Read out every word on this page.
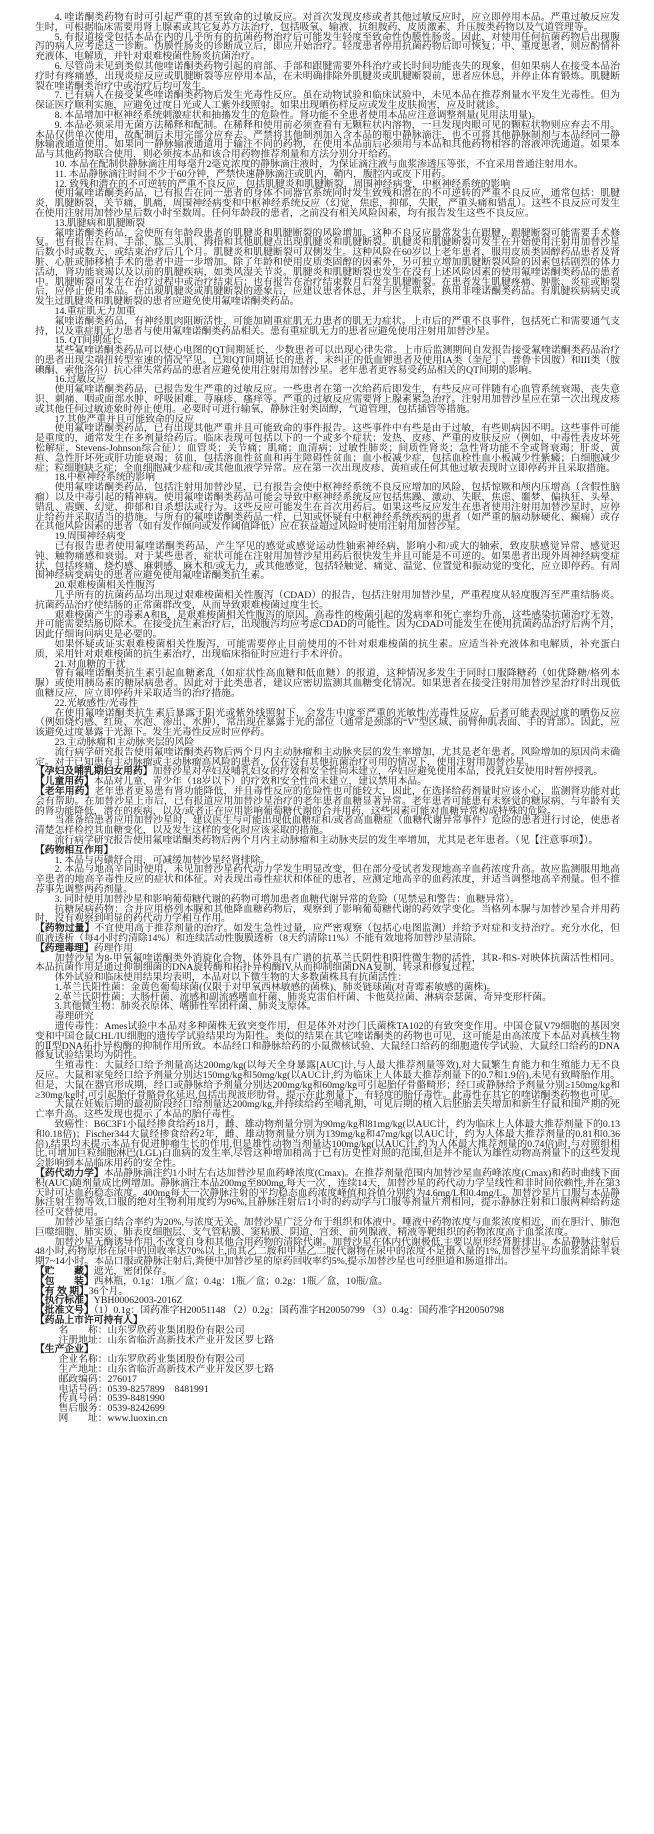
4. 喹诺酮类药物有时可引起严重的甚至致命的过敏反应。对首次发现皮疹或者其他过敏反应时，应立即停用本品。严重过敏反应发生时，可根据临床需要用肾上腺素或其它复苏方法治疗，包括吸氧、输液、抗组胺药、皮质激素、升压胺类药物以及气道管理等。

5. 有报道接受包括本品在内的几乎所有的抗菌药物治疗后可能发生轻度至致命性伪膜性肠炎。因此，对使用任何抗菌药物后出现腹泻的病人应考虑这一诊断。伪膜性肠炎的诊断成立后，即应开始治疗。轻度患者停用抗菌药物后即可恢复；中、重度患者，则应酌情补充液体、电解质，并针对艰难梭菌性肠炎抗菌治疗。

6. 尽管尚未见到类似其他喹诺酮类药物引起的肩部、手部和跟腱需要外科治疗或长时间功能丧失的现象，但如果病人在接受本品治疗时有疼痛感，出现炎症反应或肌腱断裂等应停用本品，在未明确排除外肌腱炎或肌腱断裂前，患者应休息，并停止体育锻炼。肌腱断裂在喹诺酮类治疗中或治疗后均可发生。

7. 已有病人在接受某些喹诺酮类药物后发生光毒性反应。虽在动物试验和临床试验中，未见本品在推荐剂量水平发生光毒性。但为保证医疗顺利实施，应避免过度日光或人工紫外线照射。如果出现晒伤样反应或发生皮肤损害，应及时就诊。

8. 本品增加中枢神经系统刺激症状和抽搐发生的危险性。肾功能不全患者使用本品应注意调整剂量(见用法用量)。

9. 本品必须采用无菌方法稀释和配制。在稀释和使用前必须查看有无颗粒状内溶物，一旦发现肉眼可见的颗粒状物则应弃去不用。本品仅供单次使用，故配制后未用完部分应弃去。严禁将其他制剂加入含本品的瓶中静脉滴注，也不可将其他静脉制剂与本品经同一静脉输液通道使用。如果同一静脉输液通道用于输注不同的药物，在使用本品前后必须用与本品和其他药物相容的溶液冲洗通道。如果本品与其他药物联合使用，则必须按本品和该合用药物推荐剂量和方法分别分开给药。

10. 本品在配制供静脉滴注用每毫升2毫克浓度的静脉滴注液时，为保证滴注液与血浆渗透压等张，不宜采用普通注射用水。

11. 本品静脉滴注时间不少于60分钟，严禁快速静脉滴注或肌内，鞘内，腹腔内或皮下用药。

12. 致残和潜在的不可逆转的严重不良反应，包括肌腱炎和肌腱断裂，周围神经病变，中枢神经系统的影响

使用氟喹诺酮类药品，已有报告在同一患者的身体不同器官系统同时发生致残和潜在的不可逆转的严重不良反应，通常包括：肌腱炎，肌腱断裂，关节痛，肌痛，周围神经病变和中枢神经系统反应（幻觉，焦虑，抑郁，失眠，严重头痛和错乱）。这些不良反应可发生在使用注射用加替沙星后数小时至数周。任何年龄段的患者，之前没有相关风险因素，均有报告发生这些不良反应。

13.肌腱病和肌腱断裂

氟喹诺酮类药品，会使所有年龄段患者的肌腱炎和肌腱断裂的风险增加。这种不良反应最常发生在跟腱，跟腱断裂可能需要手术修复。也有报告在肩、手部、肱二头肌、拇指和其他肌腱点出现肌腱炎和肌腱断裂。肌腱炎和肌腱断裂可发生在开始使用注射用加替沙星后数小时或数天，或结束治疗后几个月。肌腱炎和肌腱断裂可双侧发生。这种风险在60岁以上老年患者，服用皮质类固醇药品患者及肾脏、心脏或肺移植手术的患者中进一步增加。除了年龄和使用皮质类固醇的因素外，另可独立增加肌腱断裂风险的因素包括剧烈的体力活动，肾功能衰竭以及以前的肌腱疾病，如类风湿关节炎。肌腱炎和肌腱断裂也发生在没有上述风险因素的使用氟喹诺酮类药品的患者中。肌腱断裂可发生在治疗过程中或治疗结束后；也有报告在治疗结束数月后发生肌腱断裂。在患者发生肌腱疼痛、肿胀、炎症或断裂后，应停止使用本品。在出现肌腱炎或肌腱断裂的迹象后，应建议患者休息，并与医生联系，换用非喹诺酮类药品。有肌腱疾病病史或发生过肌腱炎和肌腱断裂的患者应避免使用氟喹诺酮类药品。

14.重症肌无力加重

氟喹诺酮类药品，有神经肌肉阻断活性，可能加剧重症肌无力患者的肌无力症状。上市后的严重不良事件，包括死亡和需要通气支持，以及重症肌无力患者与使用氟喹诺酮类药品相关。患有重症肌无力的患者应避免使用注射用加替沙星。

15. QT间期延长

某些氟喹诺酮类药品可以使心电图的QT间期延长，少数患者可以出现心律失常。上市后监测期间自发报告接受氟喹诺酮类药品治疗的患者出现尖端扭转型室速的情况罕见。已知QT间期延长的患者、未纠正的低血钾患者及使用IA类（奎尼丁、普鲁卡因胺）和III类（胺碘酮、索他洛尔）抗心律失常药品的患者应避免使用注射用加替沙星。老年患者更容易受药品相关的QT间期的影响。

16.过敏反应

使用氟喹诺酮类药品，已报告发生严重的过敏反应。一些患者在第一次给药后即发生，有些反应可伴随有心血管系统衰竭、丧失意识、刺痛、咽或面部水肿、呼吸困难、荨麻疹、瘙痒等。严重的过敏反应需要肾上腺素紧急治疗。注射用加替沙星应在第一次出现皮疹或其他任何过敏迹象时停止使用。必要时可进行输氧，静脉注射类固醇，气道管理，包括插管等措施。

17.其他严重并且可能致命的反应

使用氟喹诺酮类药品，已有出现其他严重并且可能致命的事件报告。这些事件中有些是由于过敏，有些则病因不明。这些事件可能是重度的，通常发生在多剂量给药后。临床表现可包括以下的一个或多个症状：发热、皮疹、严重的皮肤反应（例如，中毒性表皮坏死松解症，Stevens-Johnson综合征）；血管炎；关节痛；肌痛；血清病；过敏性肺炎；间质性肾炎；急性肾功能不全或肾衰竭；肝炎、黄疸、急性肝坏死或肝功能衰竭；贫血，包括溶血性贫血和再生障碍性贫血；血小板减少症，包括血栓性血小板减少性紫癜；白细胞减少症；粒细胞缺乏症；全血细胞减少症和/或其他血液学异常。应在第一次出现皮疹、黄疸或任何其他过敏表现时立即停药并且采取措施。

18.中枢神经系统的影响

使用氟喹诺酮类药品，包括注射用加替沙星，已有报告会使中枢神经系统不良反应增加的风险，包括惊厥和颅内压增高（含假性脑瘤）以及中毒引起的精神病。使用氟喹诺酮类药品可能会导致中枢神经系统反应包括焦躁、激动、失眠、焦虑、噩梦、偏执狂、头晕、错乱、震颤、幻觉、抑郁和自杀想法或行为。这些反应可能发生在首次用药后。如果这些反应发生在患者使用注射用加替沙星时，应停止给药并采取适当的措施。与所有的氟喹诺酮类药品一样，已知或怀疑有中枢神经系统疾病的患者（如严重的脑动脉硬化、癫痫）或存在其他风险因素的患者（如有发作倾向或发作阈值降低）应在获益超过风险时使用注射用加替沙星。

19.周围神经病变

已有报告患者使用氟喹诺酮类药品，产生罕见的感觉或感觉运动性轴索神经病，影响小和/或大的轴索，致皮肤感觉异常、感觉迟钝、触物痛感和衰弱。对于某些患者，症状可能在注射用加替沙星用药后很快发生并且可能是不可逆的。如果患者出现外周神经病变症状，包括疼痛、烧灼感、麻刺感、麻木和/或无力，或其他感觉，包括轻触觉、痛觉、温觉、位置觉和振动觉的变化，应立即停药。有周围神经病变病史的患者应避免使用氟喹诺酮类抗生素。

20.艰难梭菌相关性腹泻

几乎所有的抗菌药品均出现过艰难梭菌相关性腹泻（CDAD）的报告，包括注射用加替沙星，严重程度从轻度腹泻至严重结肠炎。抗菌药品治疗使结肠的正常菌群改变，从而导致艰难梭菌过度生长。

艰难梭菌产生的毒素A和B，是艰难梭菌相关性腹泻的原因。高毒性的梭菌引起的发病率和死亡率均升高，这些感染抗菌治疗无效，并可能需要结肠切除术。在接受抗生素治疗后，出现腹泻均应考虑CDAD的可能性。因为CDAD可能发生在使用抗菌药品治疗后两个月，因此仔细询问病史是必要的。

如果怀疑或证实艰难梭菌相关性腹泻，可能需要停止目前使用的不针对艰难梭菌的抗生素。应适当补充液体和电解质，补充蛋白质，采用针对艰难梭菌的抗生素治疗，出现临床指征时应进行手术评价。

21.对血糖的干扰

曾有氟喹诺酮类抗生素引起血糖紊乱（如症状性高血糖和低血糖）的报道，这种情况多发生于同时口服降糖药（如优降糖/格列本脲）或使用胰岛素的糖尿病患者。因此对于此类患者，建议应密切监测其血糖变化情况。如果患者在接受注射用加替沙星治疗时出现低血糖反应，应立即停药并采取适当的治疗措施。

22.光敏感性/光毒性

在使用氟喹诺酮类抗生素后暴露于阳光或紫外线照射下，会发生中度至严重的光敏性/光毒性反应，后者可能表现过度的晒伤反应（例如烧灼感、红斑、水泡、渗出、水肿），常出现在暴露于光的部位（通常是颈部的“V”型区域、前臂伸肌表面、手的背部）。因此，应该避免过度暴露于光源下。发生光毒性反应时应停药。

23.主动脉瘤和主动脉夹层的风险

流行病学研究报告使用氟喹诺酮类药物后两个月内主动脉瘤和主动脉夹层的发生率增加，尤其是老年患者。风险增加的原因尚未确定。对于已知患有主动脉瘤或主动脉瘤高风险的患者，仅在没有其他抗菌治疗可用的情况下，使用注射用加替沙星。

【孕妇及哺乳期妇女用药】加替沙星对孕妇及哺乳妇女的疗效和安全性尚未建立，孕妇应避免使用本品，授乳妇女使用时暂停授乳。

【儿童用药】本品对儿童、青少年（18岁以下）的疗效和安全性尚未建立，建议禁用本品。

【老年用药】老年患者更易患有肾功能降低，并且毒性反应的危险性也可能较大，因此，在选择给药剂量时应该小心，监测肾功能对此会有帮助。在加替沙星上市后，已有报道应用加替沙星治疗的老年患者血糖显著异常。老年患者可能患有未察觉的糖尿病、与年龄有关的肾功能降低，潜在的疾病，以及/或者正在应用影响葡萄糖代谢的合并用药，这些因素可能对血糖异常构成特殊的危险。

当准备给患者应用加替沙星时，建议医生与可能出现低血糖症和/或者高血糖症（血糖代谢异常事件）危险的患者进行讨论，使患者清楚怎样检控其血糖变化，以及发生这样的变化时应该采取的措施。

流行病学研究报告使用氟喹诺酮类药物后两个月内主动脉瘤和主动脉夹层的发生率增加，尤其是老年患者。（见【注意事项】）。

【药物相互作用】

1. 本品与丙磺舒合用，可减缓加替沙星经肾排除。

2. 本品与地高辛同时使用，未见加替沙星药代动力学发生明显改变，但在部分受试者发现地高辛血药浓度升高。故应监测服用地高辛患者的地高辛毒性反应的症状和体征。对表现出毒性症状和体征的患者，应测定地高辛的血药浓度，并适当调整地高辛剂量。但不推荐事先调整两药剂量。

3. 同时使用加替沙星和影响葡萄糖代谢的药物可增加患者血糖代谢异常的危险（见禁忌和警告：血糖异常）。

抗糖尿病药物：合并应用格列本脲和其他降血糖药物后，观察到了影响葡萄糖代谢的药效学变化。当格列本脲与加替沙星合并用药时，没有观察到明显的药代动力学相互作用。

【药物过量】不宜使用高于推荐剂量的治疗。如发生急性过量，应严密观察（包括心电图监测）并给予对症和支持治疗。充分水化，但血液透析（每4小时约清除14%）和连续活动性腹膜透析（8天约清除11%）不能有效地将加替沙星清除。

【药理毒理】药理作用

加替沙星为8-甲氧氟喹诺酮类外消旋化合物，体外具有广谱的抗革兰氏阴性和阳性微生物的活性，其R-和S-对映体抗菌活性相同。本品抗菌作用是通过抑制细菌的DNA旋转酶和拓扑异构酶IV,从而抑制细菌DNA复制、转录和修复过程。

体外试验和临床使用结果均表明，本品对以下微生物的大多数菌株具有抗菌活性：

1.革兰氏阳性菌：金黄色葡萄球菌(仅限于对甲氧西林敏感的菌株)、肺炎链球菌(对青霉素敏感的菌株)。

2.革兰氏阴性菌：大肠杆菌、流感和副流感嗜血杆菌、肺炎克雷伯杆菌、卡他莫拉菌、淋病奈瑟菌、奇异变形杆菌。

3.其他微生物：肺炎衣原体、嗜肺性军团杆菌、肺炎支原体。

毒理研究

遗传毒性：Ames试验中本品对多种菌株无致突变作用，但是体外对沙门氏菌株TA102的有致突变作用。中国仓鼠V79细胞的基因突变和中国仓鼠CHL/IU细胞的遗传学试验结果均为阳性。类似的结果在其它喹诺酮类的药物也可见，这可能是由高浓度下本品对真核生物的Ⅱ型DNA拓扑异构酶的抑制作用所致。本品经口和静脉给药的小鼠微核试验、大鼠经口给药的细胞遗传学试验、大鼠经口给药的DNA修复试验结果均为阴性。

生殖毒性：大鼠经口给予剂量高达200mg/kg(以每天全身暴露[AUC]计,与人最大推荐剂量等效),对大鼠繁生育能力和生殖能力无不良反应。大鼠和家兔经口给予剂量分别达150mg/kg和50mg/kg(以AUC计,约为临床上人体最大推荐剂量下的0.7和1.9倍),未见有致畸胎作用。但是，大鼠在器官形成期，经口或静脉给予剂量分别达200mg/kg和60mg/kg可引起胎仔骨骼畸形；经口或静脉给予剂量分别≥150mg/kg和≥30mg/kg时,可引起胎仔骨骼骨化延迟,包括出现波形肋骨。提示在此剂量下，有轻度的胎仔毒性。此毒性在其它的喹诺酮类药物也可见。

大鼠在妊娠后期的最初阶段经口给剂量达200mg/kg,并持续给药至哺乳期，可见后期的植入后胚胎丢失增加和新生仔鼠和围产期的死亡率升高。这些发现也提示了本品的胎仔毒性。

致癌性：B6C3F1小鼠经掺食给药18月，雌、雄动物剂量分别为90mg/kg和81mg/kg(以AUC计，约为临床上人体最大推荐剂量下的0.13和0.18倍)；Fischer344大鼠经掺食给药2年，雌、雄动物剂量分别为139mg/kg和47mg/kg(以AUC计，约为人体最大推荐剂量的0.81和0.36倍),结果均未提示本品有促进肿瘤生长的作用,但是雄性动物当剂量达100mg/kg(以AUC计,约为人体最大推荐剂量的0.74倍)时,与对照组相比,可增加巨粒细胞淋巴(LGL)白血病的发生率,尽管这种增加稍高于已有历史性对照的范围,但是并不能认为雄性动物高剂量下的这些发现会影响到本品临床用药的安全性。

【药代动力学】本品静脉滴注约1小时左右达加替沙星血药峰浓度(Cmax)。在推荐剂量范围内加替沙星血药峰浓度(Cmax)和药时曲线下面积(AUC)随剂量成比例增加。静脉滴注本品200mg至800mg,每天一次 ，连续14天，加替沙星的药代动力学呈线性和非时间依赖性,并在第3天时可达血药稳态浓度。400mg每天一次静脉注射的平均稳态血药浓度峰值和谷值分别约为4.6mg/L和0.4mg/L。加替沙星片口服与本品静脉注射生物等效,口服的绝对生物利用度约为96%,且静脉注射后1小时的药动学与口服等剂量片剂相同，提示静脉注射和口服两种给药途径可交替使用。

加替沙星蛋白结合率约为20%,与浓度无关。加替沙星广泛分布于组织和体液中。唾液中药物浓度与血浆浓度相近，而在胆汁、肺泡巨噬细胞、肺实质、肺表皮细胞层、支气管粘膜、窦粘膜、阴道、宫颈、前列腺液、精液等靶组织的药物浓度高于血浆浓度。

加替沙星无酶诱导作用,不改变自身和其他合用药物的清除代谢。加替沙星在体内代谢极低,主要以原形经肾脏排出。本品静脉注射后48小时,药物原形在尿中的回收率达70%以上,而其乙二胺和甲基乙二胺代谢物在尿中的浓度不足摄入量的1%,加替沙星平均血浆消除半衰期7~14小时。本品口服或静脉注射后,粪便中加替沙星的原药回收率约5%,提示加替沙星也可经胆道和肠道排出。

【贮　　藏】遮光，密闭保存。

【包　　装】西林瓶，0.1g：1瓶／盒；0.4g：1瓶／盒；0.2g：1瓶／盒，10瓶/盒。

【有 效 期】36个月。

【执行标准】YBH00062003-2016Z

【批准文号】（1）0.1g：国药准字H20051148 （2）0.2g：国药准字H20050799 （3）0.4g：国药准字H20050798

【药品上市许可持有人】

名　　称：山东罗欣药业集团股份有限公司

注册地址：山东省临沂高新技术产业开发区罗七路

【生产企业】

企业名称：山东罗欣药业集团股份有限公司

生产地址：山东省临沂高新技术产业开发区罗七路

邮政编码：276017

电话号码：0539-8257899　8481991

传真号码：0539-8481990

售后服务：0539-8242699

网　　址：www.luoxin.cn
